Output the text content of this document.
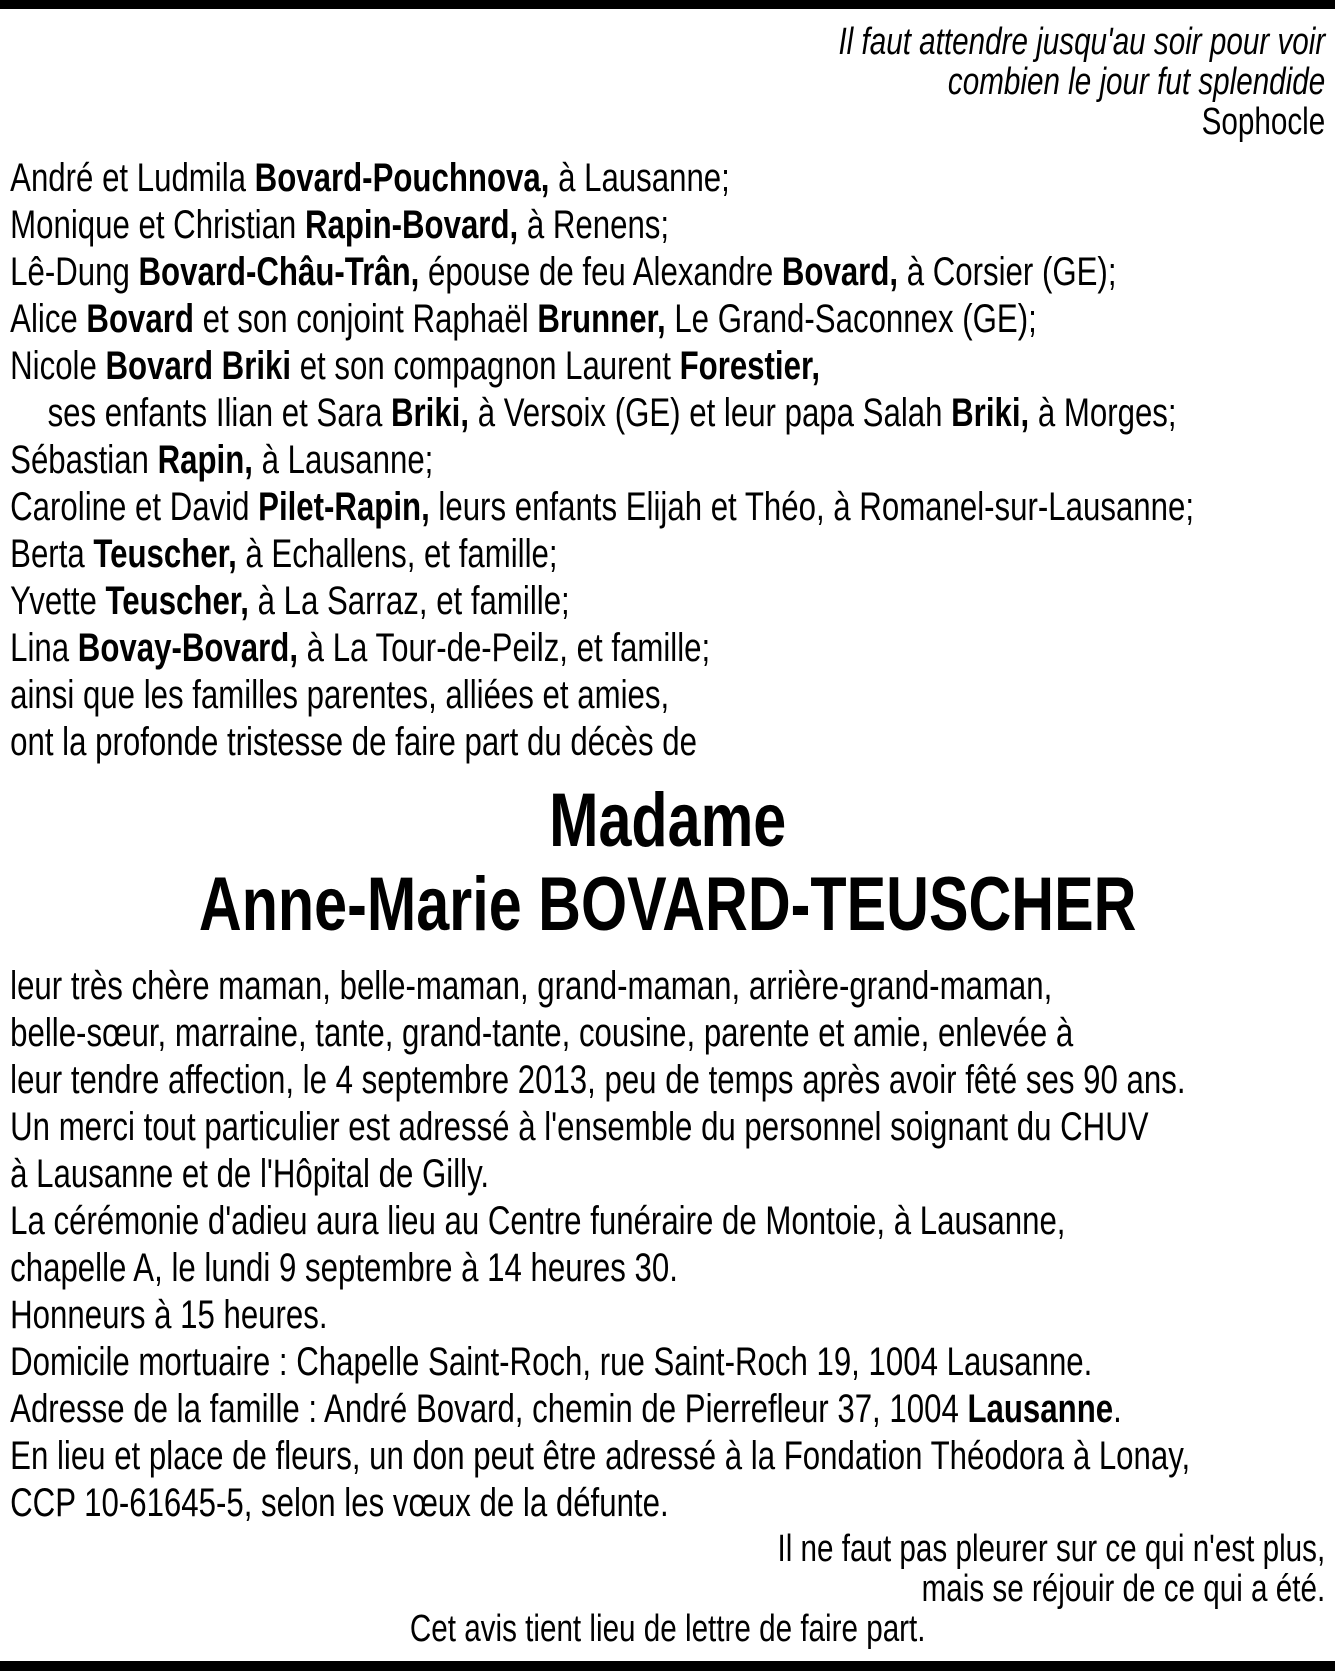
Il faut attendre jusqu'au soir pour voir
combien le jour fut splendide
Sophocle
André et Ludmila Bovard-Pouchnova, à Lausanne;
Monique et Christian Rapin-Bovard, à Renens;
Lê-Dung Bovard-Châu-Trân, épouse de feu Alexandre Bovard, à Corsier (GE);
Alice Bovard et son conjoint Raphaël Brunner, Le Grand-Saconnex (GE);
Nicole Bovard Briki et son compagnon Laurent Forestier,
ses enfants Ilian et Sara Briki, à Versoix (GE) et leur papa Salah Briki, à Morges;
Sébastian Rapin, à Lausanne;
Caroline et David Pilet-Rapin, leurs enfants Elijah et Théo, à Romanel-sur-Lausanne;
Berta Teuscher, à Echallens, et famille;
Yvette Teuscher, à La Sarraz, et famille;
Lina Bovay-Bovard, à La Tour-de-Peilz, et famille;
ainsi que les familles parentes, alliées et amies,
ont la profonde tristesse de faire part du décès de
Madame
Anne-Marie BOVARD-TEUSCHER
leur très chère maman, belle-maman, grand-maman, arrière-grand-maman,
belle-sœur, marraine, tante, grand-tante, cousine, parente et amie, enlevée à
leur tendre affection, le 4 septembre 2013, peu de temps après avoir fêté ses 90 ans.
Un merci tout particulier est adressé à l'ensemble du personnel soignant du CHUV
à Lausanne et de l'Hôpital de Gilly.
La cérémonie d'adieu aura lieu au Centre funéraire de Montoie, à Lausanne,
chapelle A, le lundi 9 septembre à 14 heures 30.
Honneurs à 15 heures.
Domicile mortuaire : Chapelle Saint-Roch, rue Saint-Roch 19, 1004 Lausanne.
Adresse de la famille : André Bovard, chemin de Pierrefleur 37, 1004 Lausanne.
En lieu et place de fleurs, un don peut être adressé à la Fondation Théodora à Lonay,
CCP 10-61645-5, selon les vœux de la défunte.
Il ne faut pas pleurer sur ce qui n'est plus,
mais se réjouir de ce qui a été.
Cet avis tient lieu de lettre de faire part.
